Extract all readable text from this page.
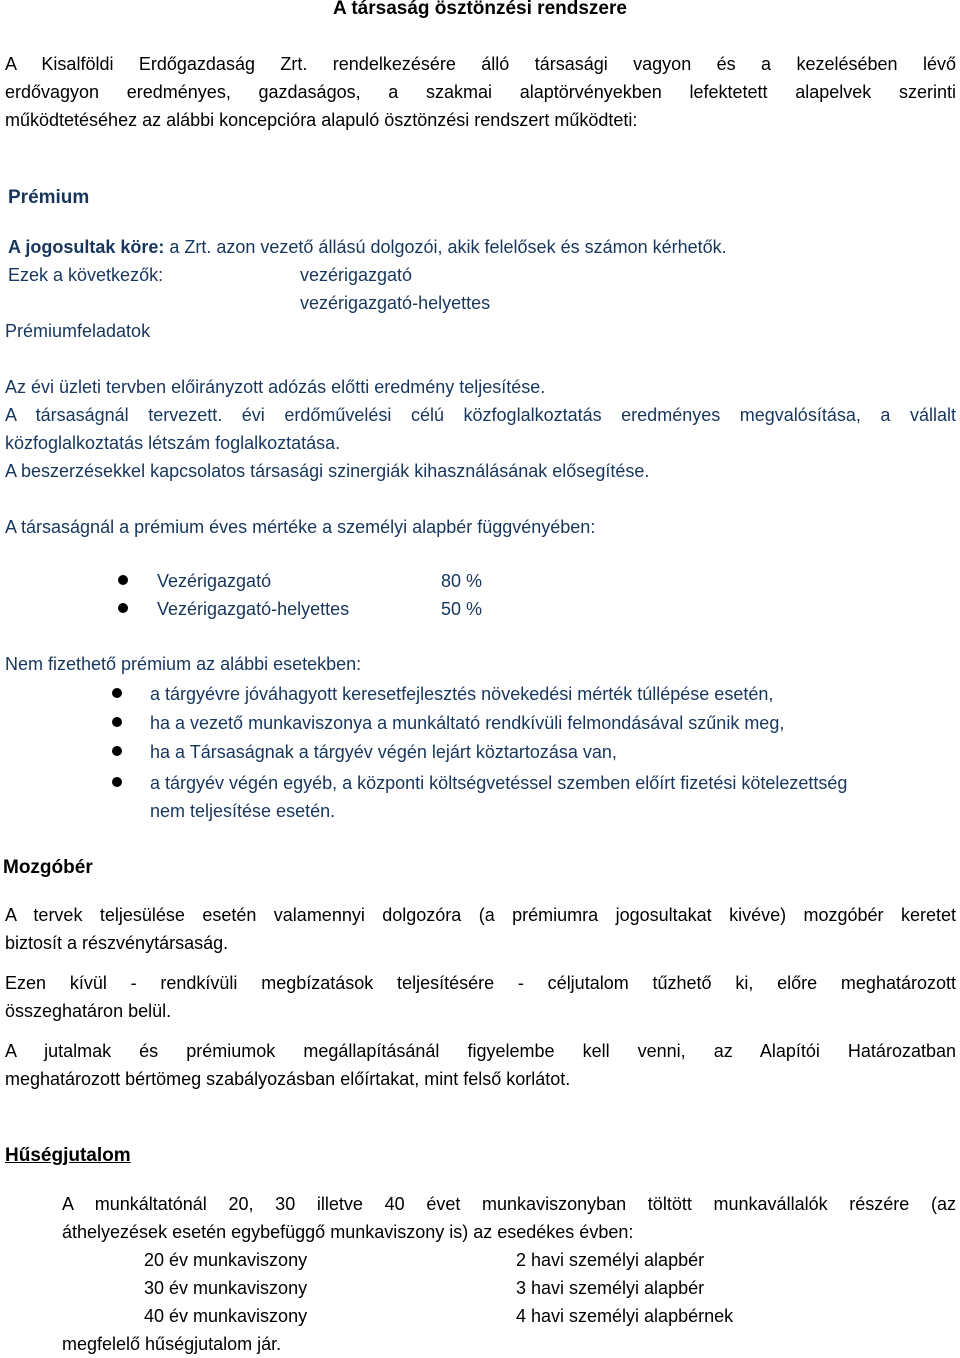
A társaság ösztönzési rendszere
A Kisalföldi Erdőgazdaság Zrt. rendelkezésére álló társasági vagyon és a kezelésében lévő
erdővagyon eredményes, gazdaságos, a szakmai alaptörvényekben lefektetett alapelvek szerinti
működtetéséhez az alábbi koncepcióra alapuló ösztönzési rendszert működteti:
Prémium
A jogosultak köre: a Zrt. azon vezető állású dolgozói, akik felelősek és számon kérhetők.
Ezek a következők:	vezérigazgató
vezérigazgató-helyettes
Prémiumfeladatok
Az évi üzleti tervben előirányzott adózás előtti eredmény teljesítése.
A társaságnál tervezett. évi erdőművelési célú közfoglalkoztatás eredményes megvalósítása, a vállalt
közfoglalkoztatás létszám foglalkoztatása.
A beszerzésekkel kapcsolatos társasági szinergiák kihasználásának elősegítése.
A társaságnál a prémium éves mértéke a személyi alapbér függvényében:
Vezérigazgató	80 %
Vezérigazgató-helyettes	50 %
Nem fizethető prémium az alábbi esetekben:
a tárgyévre jóváhagyott keresetfejlesztés növekedési mérték túllépése esetén,
ha a vezető munkaviszonya a munkáltató rendkívüli felmondásával szűnik meg,
ha a Társaságnak a tárgyév végén lejárt köztartozása van,
a tárgyév végén egyéb, a központi költségvetéssel szemben előírt fizetési kötelezettség
nem teljesítése esetén.
Mozgóbér
A tervek teljesülése esetén valamennyi dolgozóra (a prémiumra jogosultakat kivéve) mozgóbér keretet
biztosít a részvénytársaság.
Ezen kívül - rendkívüli megbízatások teljesítésére - céljutalom tűzhető ki, előre meghatározott
összeghatáron belül.
A jutalmak és prémiumok megállapításánál figyelembe kell venni, az Alapítói Határozatban
meghatározott bértömeg szabályozásban előírtakat, mint felső korlátot.
Hűségjutalom
A munkáltatónál 20, 30 illetve 40 évet munkaviszonyban töltött munkavállalók részére (az
áthelyezések esetén egybefüggő munkaviszony is) az esedékes évben:
20 év munkaviszony	2 havi személyi alapbér
30 év munkaviszony	3 havi személyi alapbér
40 év munkaviszony	4 havi személyi alapbérnek
megfelelő hűségjutalom jár.
